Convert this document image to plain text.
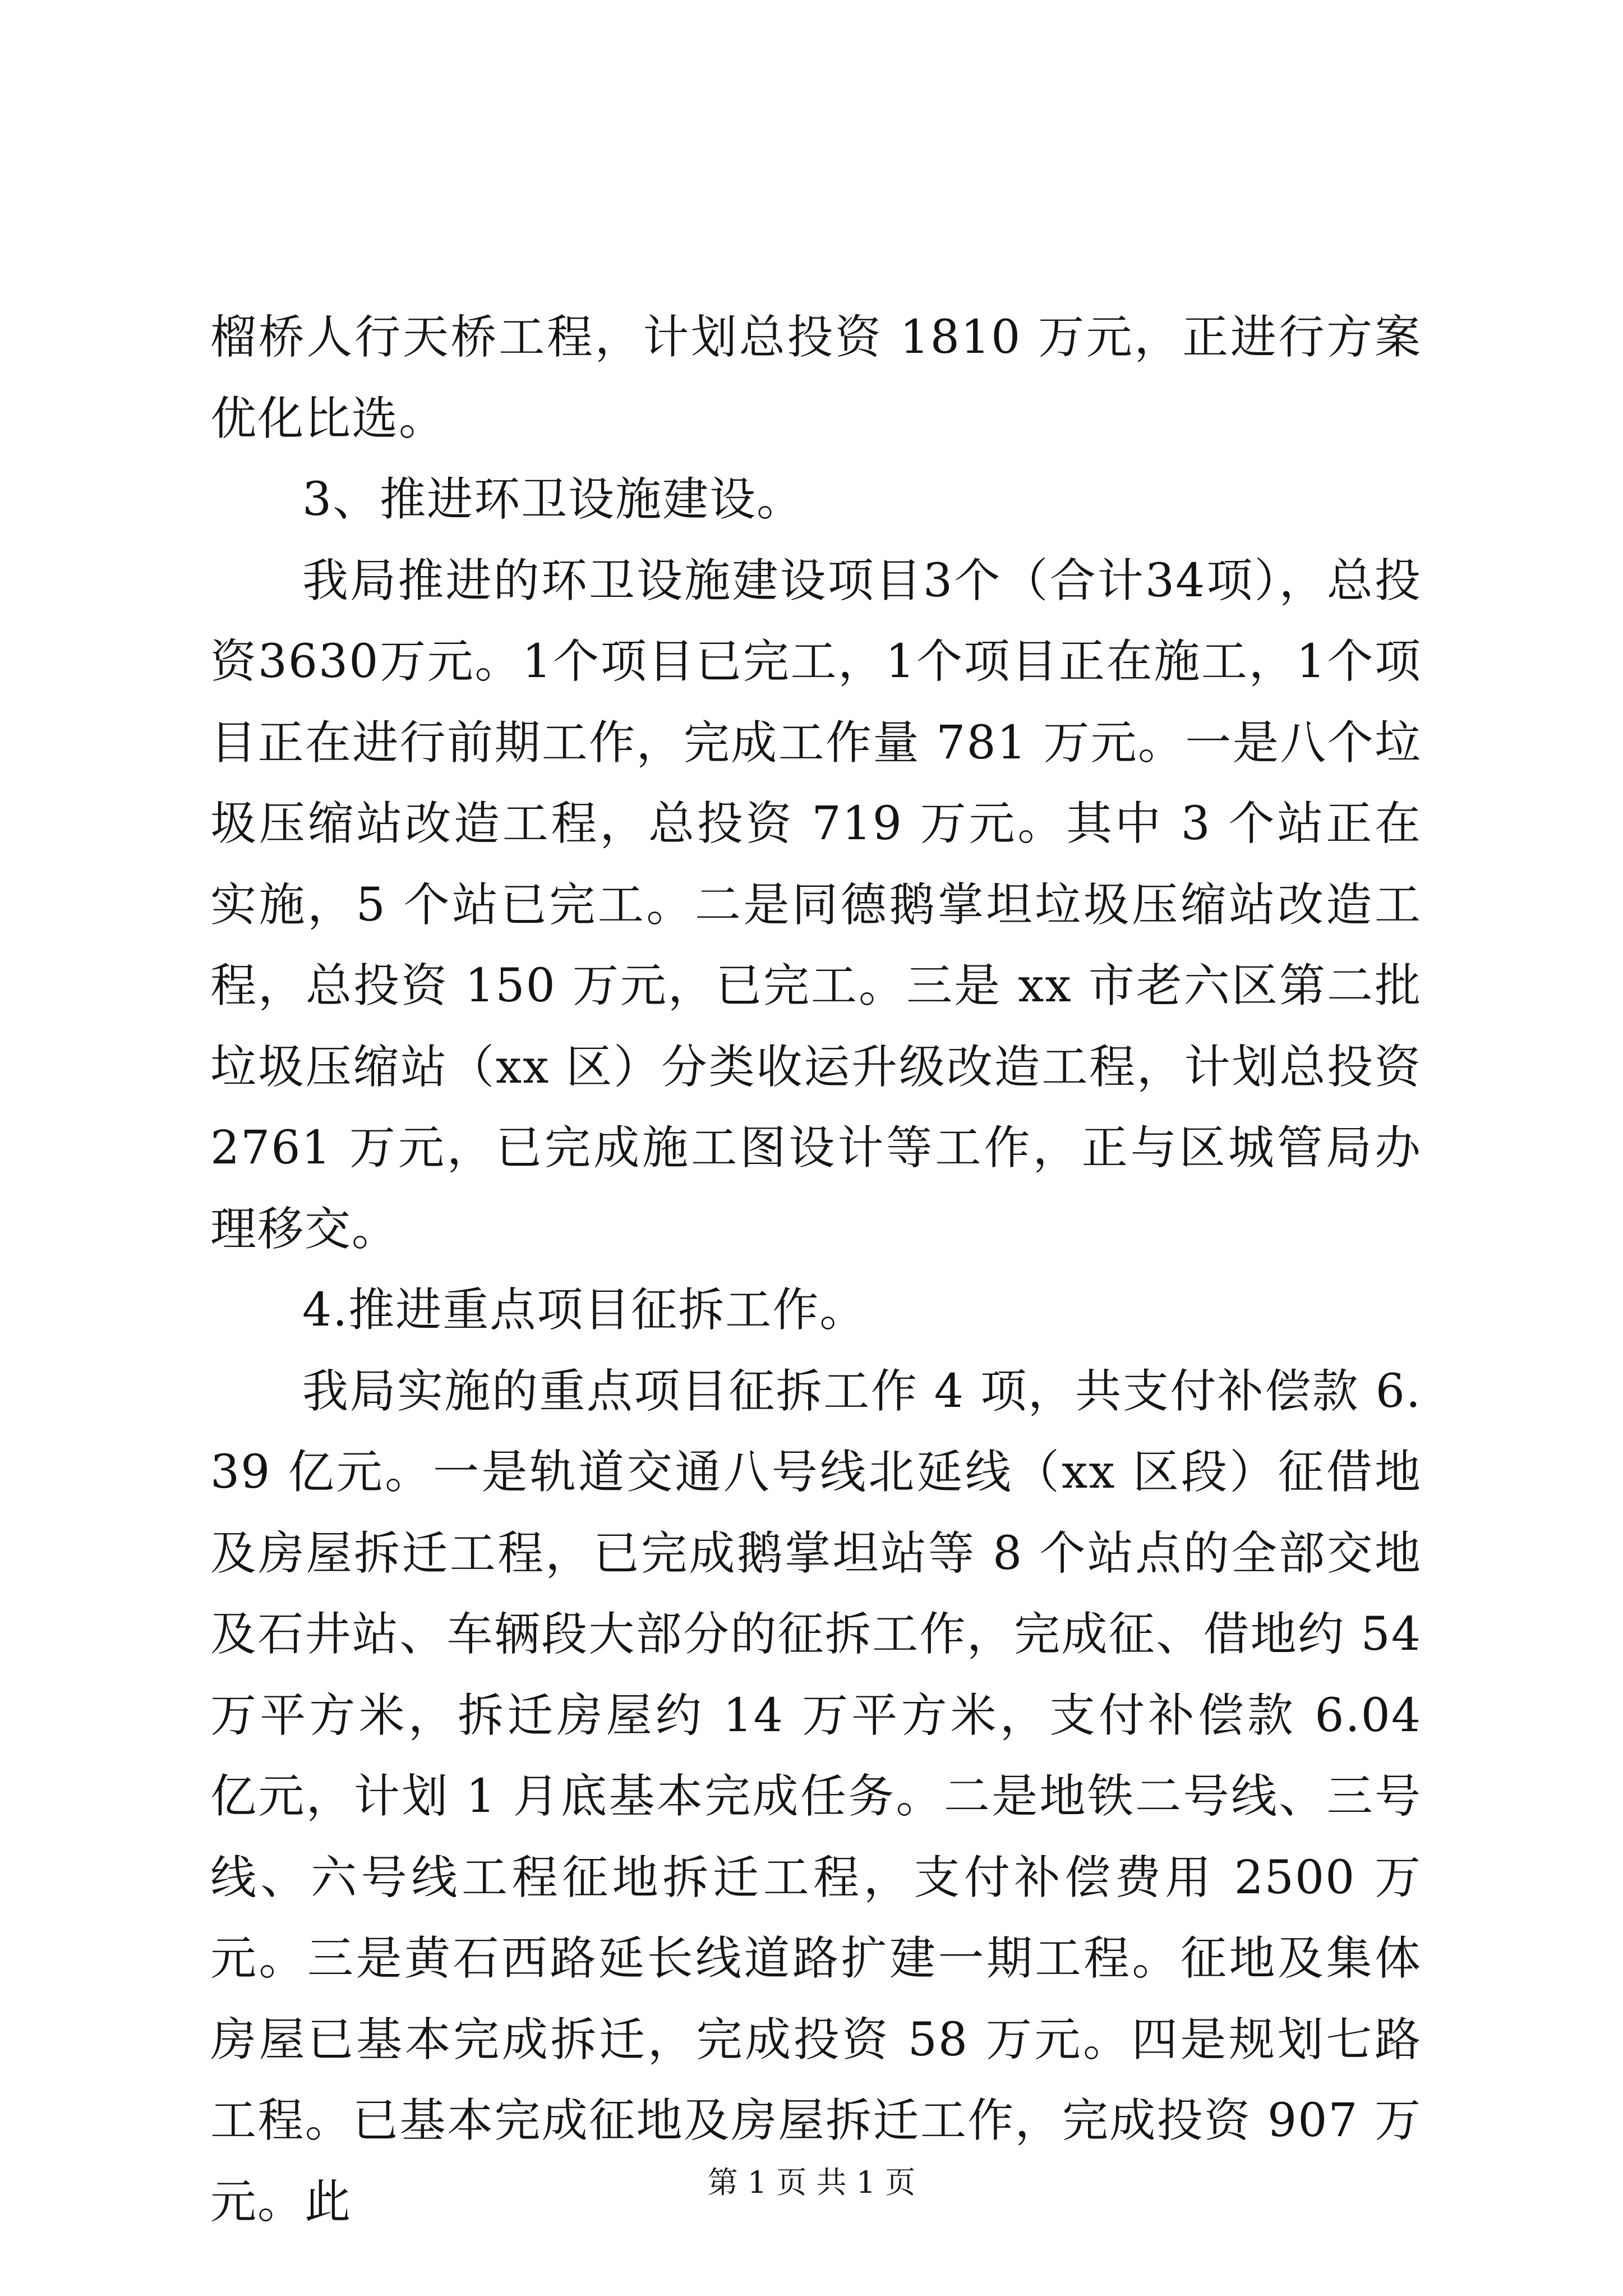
榴桥人行天桥工程，计划总投资 1810 万元，正进行方案优化比选。

3、推进环卫设施建设。

我局推进的环卫设施建设项目3个（合计34项），总投资3630万元。1个项目已完工，1个项目正在施工，1个项目正在进行前期工作，完成工作量 781 万元。一是八个垃圾压缩站改造工程，总投资 719 万元。其中 3 个站正在实施，5 个站已完工。二是同德鹅掌坦垃圾压缩站改造工程，总投资 150 万元，已完工。三是 xx 市老六区第二批垃圾压缩站（xx 区）分类收运升级改造工程，计划总投资 2761 万元，已完成施工图设计等工作，正与区城管局办理移交。

4.推进重点项目征拆工作。

我局实施的重点项目征拆工作 4 项，共支付补偿款 6.39 亿元。一是轨道交通八号线北延线（xx 区段）征借地及房屋拆迁工程，已完成鹅掌坦站等 8 个站点的全部交地及石井站、车辆段大部分的征拆工作，完成征、借地约 54 万平方米，拆迁房屋约 14 万平方米，支付补偿款 6.04 亿元，计划 1 月底基本完成任务。二是地铁二号线、三号线、六号线工程征地拆迁工程，支付补偿费用 2500 万元。三是黄石西路延长线道路扩建一期工程。征地及集体房屋已基本完成拆迁，完成投资 58 万元。四是规划七路工程。已基本完成征地及房屋拆迁工作，完成投资 907 万元。此	第 1 页 共 1 页
